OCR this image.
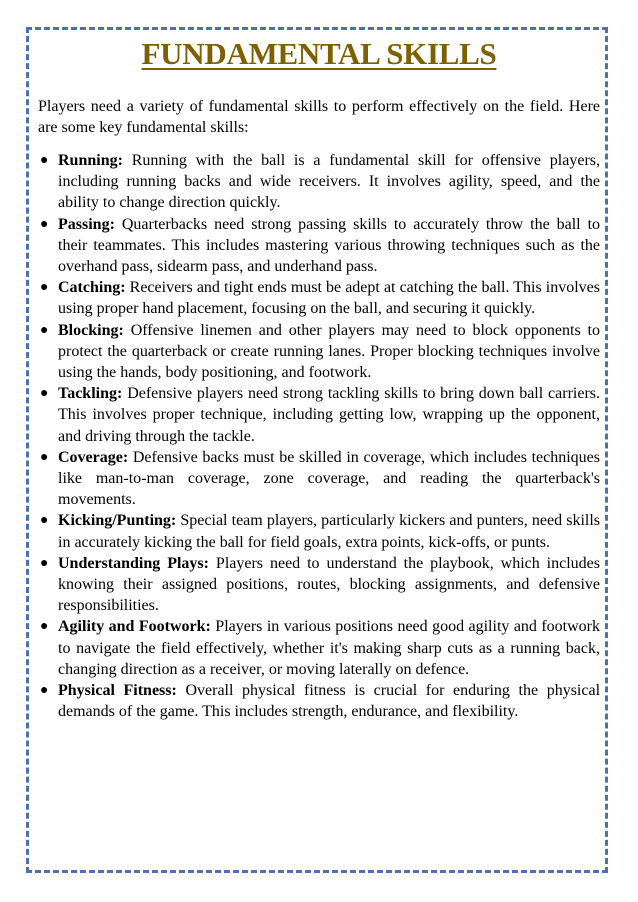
FUNDAMENTAL SKILLS

Players need a variety of fundamental skills to perform effectively on the field. Here are some key fundamental skills:

● Running: Running with the ball is a fundamental skill for offensive players, including running backs and wide receivers. It involves agility, speed, and the ability to change direction quickly.
● Passing: Quarterbacks need strong passing skills to accurately throw the ball to their teammates. This includes mastering various throwing techniques such as the overhand pass, sidearm pass, and underhand pass.
● Catching: Receivers and tight ends must be adept at catching the ball. This involves using proper hand placement, focusing on the ball, and securing it quickly.
● Blocking: Offensive linemen and other players may need to block opponents to protect the quarterback or create running lanes. Proper blocking techniques involve using the hands, body positioning, and footwork.
● Tackling: Defensive players need strong tackling skills to bring down ball carriers. This involves proper technique, including getting low, wrapping up the opponent, and driving through the tackle.
● Coverage: Defensive backs must be skilled in coverage, which includes techniques like man-to-man coverage, zone coverage, and reading the quarterback's movements.
● Kicking/Punting: Special team players, particularly kickers and punters, need skills in accurately kicking the ball for field goals, extra points, kick-offs, or punts.
● Understanding Plays: Players need to understand the playbook, which includes knowing their assigned positions, routes, blocking assignments, and defensive responsibilities.
● Agility and Footwork: Players in various positions need good agility and footwork to navigate the field effectively, whether it's making sharp cuts as a running back, changing direction as a receiver, or moving laterally on defence.
● Physical Fitness: Overall physical fitness is crucial for enduring the physical demands of the game. This includes strength, endurance, and flexibility.
